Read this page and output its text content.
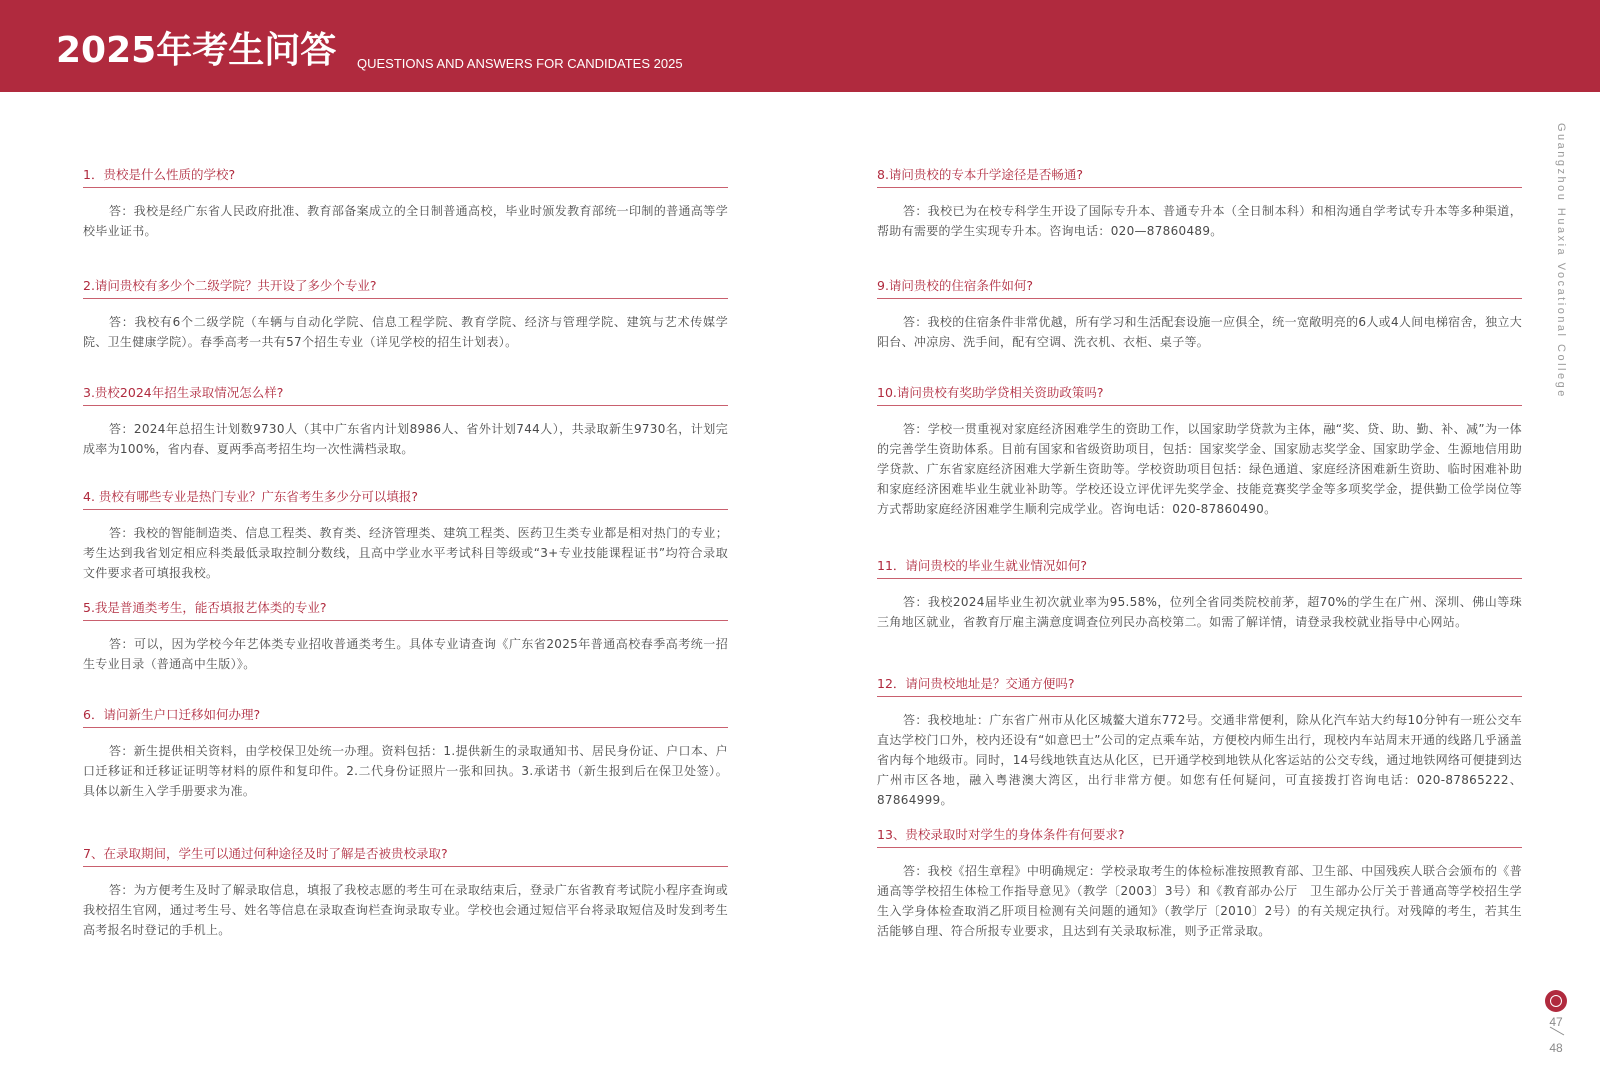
2025年考生问答 QUESTIONS AND ANSWERS FOR CANDIDATES 2025
1．贵校是什么性质的学校?
答：我校是经广东省人民政府批准、教育部备案成立的全日制普通高校，毕业时颁发教育部统一印制的普通高等学校毕业证书。
2.请问贵校有多少个二级学院？共开设了多少个专业?
答：我校有6个二级学院（车辆与自动化学院、信息工程学院、教育学院、经济与管理学院、建筑与艺术传媒学院、卫生健康学院）。春季高考一共有57个招生专业（详见学校的招生计划表）。
3.贵校2024年招生录取情况怎么样?
答：2024年总招生计划数9730人（其中广东省内计划8986人、省外计划744人），共录取新生9730名，计划完成率为100%，省内春、夏两季高考招生均一次性满档录取。
4. 贵校有哪些专业是热门专业？广东省考生多少分可以填报?
答：我校的智能制造类、信息工程类、教育类、经济管理类、建筑工程类、医药卫生类专业都是相对热门的专业；考生达到我省划定相应科类最低录取控制分数线，且高中学业水平考试科目等级或“3+专业技能课程证书”均符合录取文件要求者可填报我校。
5.我是普通类考生，能否填报艺体类的专业?
答：可以，因为学校今年艺体类专业招收普通类考生。具体专业请查询《广东省2025年普通高校春季高考统一招生专业目录（普通高中生版）》。
6．请问新生户口迁移如何办理?
答：新生提供相关资料，由学校保卫处统一办理。资料包括：1.提供新生的录取通知书、居民身份证、户口本、户口迁移证和迁移证证明等材料的原件和复印件。2.二代身份证照片一张和回执。3.承诺书（新生报到后在保卫处签）。具体以新生入学手册要求为准。
7、在录取期间，学生可以通过何种途径及时了解是否被贵校录取?
答：为方便考生及时了解录取信息，填报了我校志愿的考生可在录取结束后，登录广东省教育考试院小程序查询或我校招生官网，通过考生号、姓名等信息在录取查询栏查询录取专业。学校也会通过短信平台将录取短信及时发到考生高考报名时登记的手机上。
8.请问贵校的专本升学途径是否畅通?
答：我校已为在校专科学生开设了国际专升本、普通专升本（全日制本科）和相沟通自学考试专升本等多种渠道，帮助有需要的学生实现专升本。咨询电话：020—87860489。
9.请问贵校的住宿条件如何?
答：我校的住宿条件非常优越，所有学习和生活配套设施一应俱全，统一宽敞明亮的6人或4人间电梯宿舍，独立大阳台、冲凉房、洗手间，配有空调、洗衣机、衣柜、桌子等。
10.请问贵校有奖助学贷相关资助政策吗?
答：学校一贯重视对家庭经济困难学生的资助工作，以国家助学贷款为主体，融“奖、贷、助、勤、补、减”为一体的完善学生资助体系。目前有国家和省级资助项目，包括：国家奖学金、国家励志奖学金、国家助学金、生源地信用助学贷款、广东省家庭经济困难大学新生资助等。学校资助项目包括：绿色通道、家庭经济困难新生资助、临时困难补助和家庭经济困难毕业生就业补助等。学校还设立评优评先奖学金、技能竞赛奖学金等多项奖学金，提供勤工俭学岗位等方式帮助家庭经济困难学生顺利完成学业。咨询电话：020-87860490。
11．请问贵校的毕业生就业情况如何?
答：我校2024届毕业生初次就业率为95.58%，位列全省同类院校前茅，超70%的学生在广州、深圳、佛山等珠三角地区就业，省教育厅雇主满意度调查位列民办高校第二。如需了解详情，请登录我校就业指导中心网站。
12．请问贵校地址是？交通方便吗?
答：我校地址：广东省广州市从化区城鳌大道东772号。交通非常便利，除从化汽车站大约每10分钟有一班公交车直达学校门口外，校内还设有“如意巴士”公司的定点乘车站，方便校内师生出行，现校内车站周末开通的线路几乎涵盖省内每个地级市。同时，14号线地铁直达从化区，已开通学校到地铁从化客运站的公交专线，通过地铁网络可便捷到达广州市区各地，融入粤港澳大湾区，出行非常方便。如您有任何疑问，可直接拨打咨询电话：020-87865222、87864999。
13、贵校录取时对学生的身体条件有何要求?
答：我校《招生章程》中明确规定：学校录取考生的体检标准按照教育部、卫生部、中国残疾人联合会颁布的《普通高等学校招生体检工作指导意见》（教学〔2003〕3号）和《教育部办公厅　卫生部办公厅关于普通高等学校招生学生入学身体检查取消乙肝项目检测有关问题的通知》（教学厅〔2010〕2号）的有关规定执行。对残障的考生，若其生活能够自理、符合所报专业要求，且达到有关录取标准，则予正常录取。
Guangzhou Huaxia Vocational College
47
48
